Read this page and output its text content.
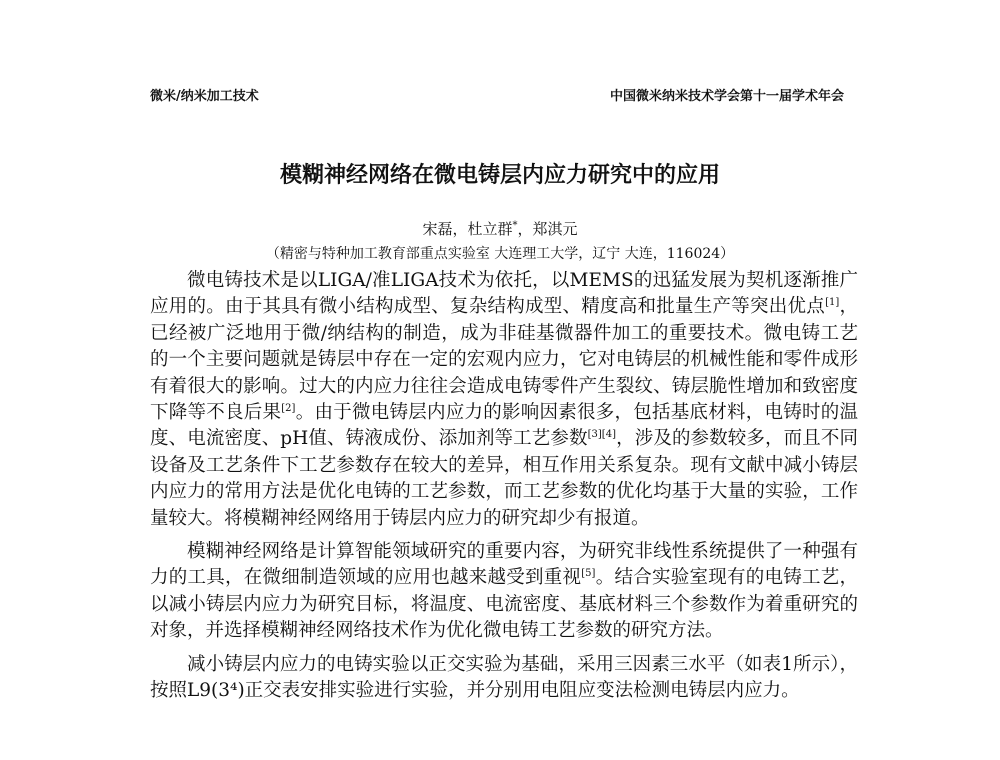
微米/纳米加工技术	中国微米纳米技术学会第十一届学术年会
模糊神经网络在微电铸层内应力研究中的应用
宋磊，杜立群*，郑淇元
（精密与特种加工教育部重点实验室 大连理工大学，辽宁 大连，116024）

微电铸技术是以LIGA/准LIGA技术为依托，以MEMS的迅猛发展为契机逐渐推广应用的。由于其具有微小结构成型、复杂结构成型、精度高和批量生产等突出优点[1]，已经被广泛地用于微/纳结构的制造，成为非硅基微器件加工的重要技术。微电铸工艺的一个主要问题就是铸层中存在一定的宏观内应力，它对电铸层的机械性能和零件成形有着很大的影响。过大的内应力往往会造成电铸零件产生裂纹、铸层脆性增加和致密度下降等不良后果[2]。由于微电铸层内应力的影响因素很多，包括基底材料，电铸时的温度、电流密度、pH值、铸液成份、添加剂等工艺参数[3][4]，涉及的参数较多，而且不同设备及工艺条件下工艺参数存在较大的差异，相互作用关系复杂。现有文献中减小铸层内应力的常用方法是优化电铸的工艺参数，而工艺参数的优化均基于大量的实验，工作量较大。将模糊神经网络用于铸层内应力的研究却少有报道。

模糊神经网络是计算智能领域研究的重要内容，为研究非线性系统提供了一种强有力的工具，在微细制造领域的应用也越来越受到重视[5]。结合实验室现有的电铸工艺，以减小铸层内应力为研究目标，将温度、电流密度、基底材料三个参数作为着重研究的对象，并选择模糊神经网络技术作为优化微电铸工艺参数的研究方法。

减小铸层内应力的电铸实验以正交实验为基础，采用三因素三水平（如表1所示），按照L9(3⁴)正交表安排实验进行实验，并分别用电阻应变法检测电铸层内应力。
